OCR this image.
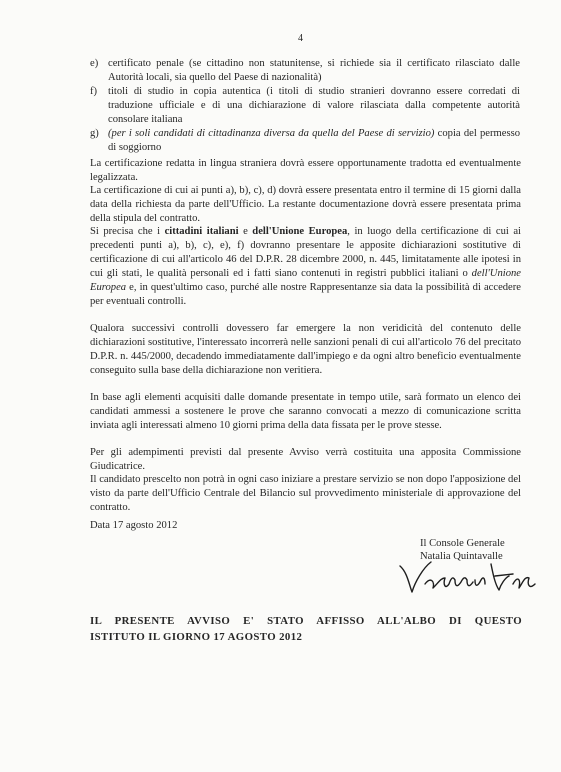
4
e) certificato penale (se cittadino non statunitense, si richiede sia il certificato rilasciato dalle Autorità locali, sia quello del Paese di nazionalità)
f)	titoli di studio in copia autentica (i titoli di studio stranieri dovranno essere corredati di traduzione ufficiale e di una dichiarazione di valore rilasciata dalla competente autorità consolare italiana
g) (per i soli candidati di cittadinanza diversa da quella del Paese di servizio) copia del permesso di soggiorno

La certificazione redatta in lingua straniera dovrà essere opportunamente tradotta ed eventualmente legalizzata.

La certificazione di cui ai punti a), b), c), d) dovrà essere presentata entro il termine di 15 giorni dalla data della richiesta da parte dell'Ufficio. La restante documentazione dovrà essere presentata prima della stipula del contratto.

Si precisa che i cittadini italiani e dell'Unione Europea, in luogo della certificazione di cui ai precedenti punti a), b), c), e), f) dovranno presentare le apposite dichiarazioni sostitutive di certificazione di cui all'articolo 46 del D.P.R. 28 dicembre 2000, n. 445, limitatamente alle ipotesi in cui gli stati, le qualità personali ed i fatti siano contenuti in registri pubblici italiani o dell'Unione Europea e, in quest'ultimo caso, purché alle nostre Rappresentanze sia data la possibilità di accedere per eventuali controlli.

Qualora successivi controlli dovessero far emergere la non veridicità del contenuto delle dichiarazioni sostitutive, l'interessato incorrerà nelle sanzioni penali di cui all'articolo 76 del precitato D.P.R. n. 445/2000, decadendo immediatamente dall'impiego e da ogni altro beneficio eventualmente conseguito sulla base della dichiarazione non veritiera.

In base agli elementi acquisiti dalle domande presentate in tempo utile, sarà formato un elenco dei candidati ammessi a sostenere le prove che saranno convocati a mezzo di comunicazione scritta inviata agli interessati almeno 10 giorni prima della data fissata per le prove stesse.

Per gli adempimenti previsti dal presente Avviso verrà costituita una apposita Commissione Giudicatrice.

Il candidato prescelto non potrà in ogni caso iniziare a prestare servizio se non dopo l'apposizione del visto da parte dell'Ufficio Centrale del Bilancio sul provvedimento ministeriale di approvazione del contratto.

Data 17 agosto 2012
Il Console Generale
Natalia Quintavalle
IL PRESENTE AVVISO E' STATO AFFISSO ALL'ALBO DI QUESTO
ISTITUTO IL GIORNO 17 AGOSTO 2012
